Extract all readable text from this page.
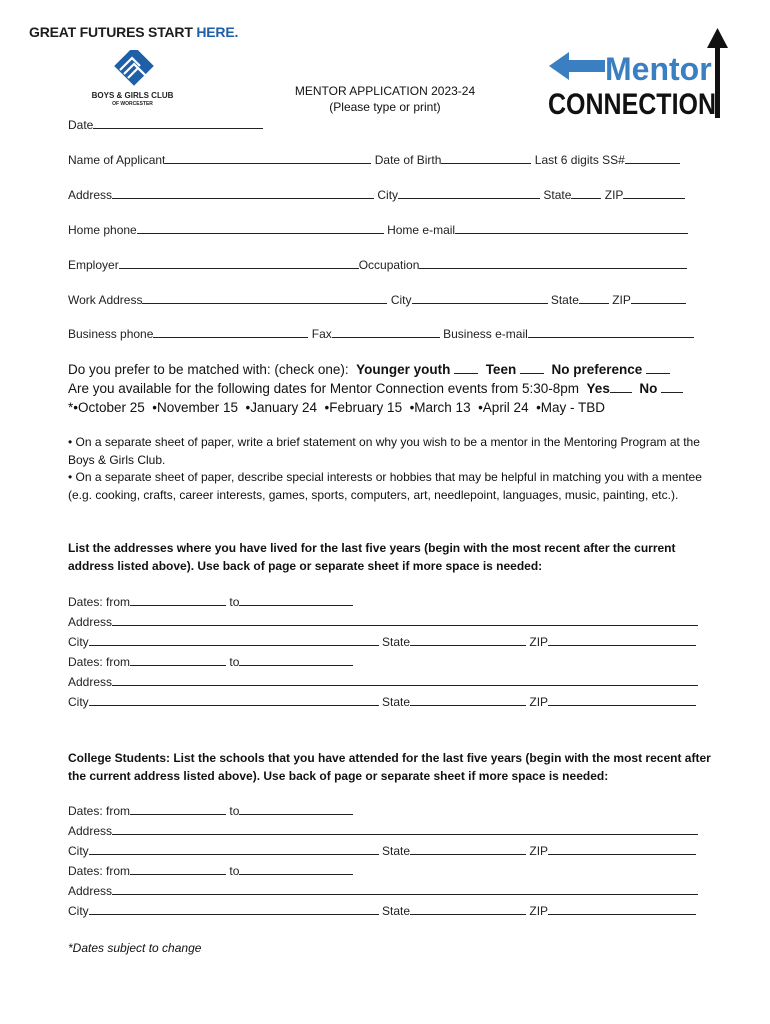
GREAT FUTURES START HERE.
BOYS & GIRLS CLUB
OF WORCESTER
MENTOR APPLICATION 2023-24
(Please type or print)
Mentor
CONNECTION
Date
Name of Applicant	Date of Birth	Last 6 digits SS#
Address	City	State	ZIP
Home phone	Home e-mail
Employer	Occupation
Work Address	City	State	ZIP
Business phone	Fax	Business e-mail
Do you prefer to be matched with: (check one): Younger youth	Teen	No preference
Are you available for the following dates for Mentor Connection events from 5:30-8pm Yes No
*•October 25  •November 15  •January 24  •February 15  •March 13  •April 24  •May - TBD
• On a separate sheet of paper, write a brief statement on why you wish to be a mentor in the Mentoring Program at the Boys & Girls Club.
• On a separate sheet of paper, describe special interests or hobbies that may be helpful in matching you with a mentee (e.g. cooking, crafts, career interests, games, sports, computers, art, needlepoint, languages, music, painting, etc.).
List the addresses where you have lived for the last five years (begin with the most recent after the current address listed above). Use back of page or separate sheet if more space is needed:
Dates: from	to
Address
City	State	ZIP
Dates: from	to
Address
City	State	ZIP
College Students: List the schools that you have attended for the last five years (begin with the most recent after the current address listed above). Use back of page or separate sheet if more space is needed:
Dates: from	to
Address
City	State	ZIP
Dates: from	to
Address
City	State	ZIP
*Dates subject to change
